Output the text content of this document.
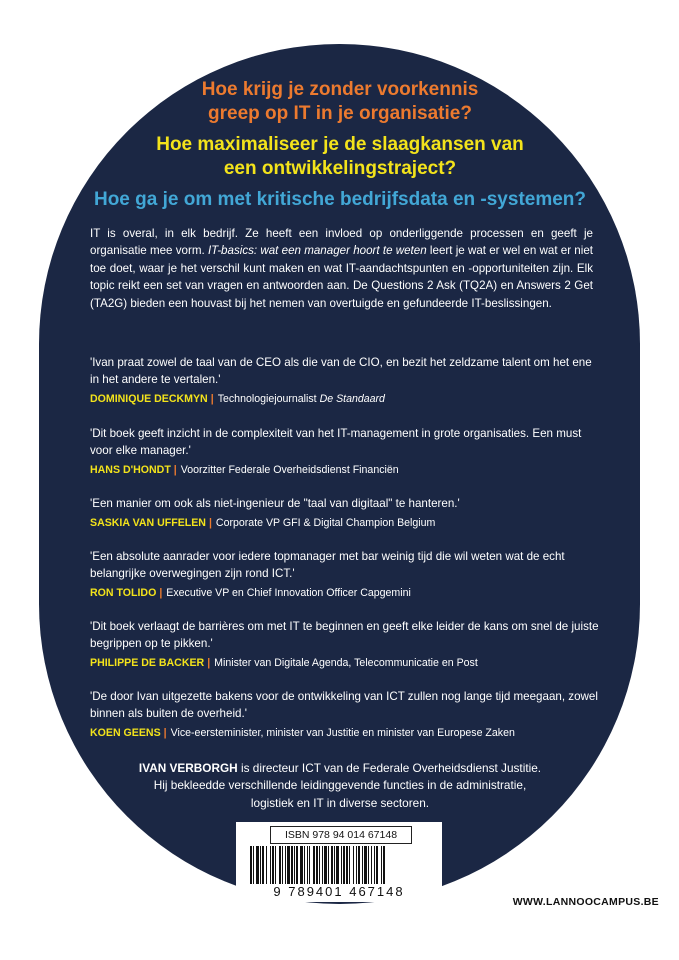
Hoe krijg je zonder voorkennis
greep op IT in je organisatie?
Hoe maximaliseer je de slaagkansen van
een ontwikkelingstraject?
Hoe ga je om met kritische bedrijfsdata en -systemen?
IT is overal, in elk bedrijf. Ze heeft een invloed op onderliggende processen en geeft je organisatie mee vorm. IT-basics: wat een manager hoort te weten leert je wat er wel en wat er niet toe doet, waar je het verschil kunt maken en wat IT-aandachtspunten en -opportuniteiten zijn. Elk topic reikt een set van vragen en antwoorden aan. De Questions 2 Ask (TQ2A) en Answers 2 Get (TA2G) bieden een houvast bij het nemen van overtuigde en gefundeerde IT-beslissingen.
'Ivan praat zowel de taal van de CEO als die van de CIO, en bezit het zeldzame talent om het ene in het andere te vertalen.'
DOMINIQUE DECKMYN | Technologiejournalist De Standaard
'Dit boek geeft inzicht in de complexiteit van het IT-management in grote organisaties. Een must voor elke manager.'
HANS D'HONDT | Voorzitter Federale Overheidsdienst Financiën
'Een manier om ook als niet-ingenieur de "taal van digitaal" te hanteren.'
SASKIA VAN UFFELEN | Corporate VP GFI & Digital Champion Belgium
'Een absolute aanrader voor iedere topmanager met bar weinig tijd die wil weten wat de echt belangrijke overwegingen zijn rond ICT.'
RON TOLIDO | Executive VP en Chief Innovation Officer Capgemini
'Dit boek verlaagt de barrières om met IT te beginnen en geeft elke leider de kans om snel de juiste begrippen op te pikken.'
PHILIPPE DE BACKER | Minister van Digitale Agenda, Telecommunicatie en Post
'De door Ivan uitgezette bakens voor de ontwikkeling van ICT zullen nog lange tijd meegaan, zowel binnen als buiten de overheid.'
KOEN GEENS | Vice-eersteminister, minister van Justitie en minister van Europese Zaken
IVAN VERBORGH is directeur ICT van de Federale Overheidsdienst Justitie.
Hij bekleedde verschillende leidinggevende functies in de administratie,
logistiek en IT in diverse sectoren.
ISBN 978 94 014 67148
9 789401 467148
WWW.LANNOOCAMPUS.BE
